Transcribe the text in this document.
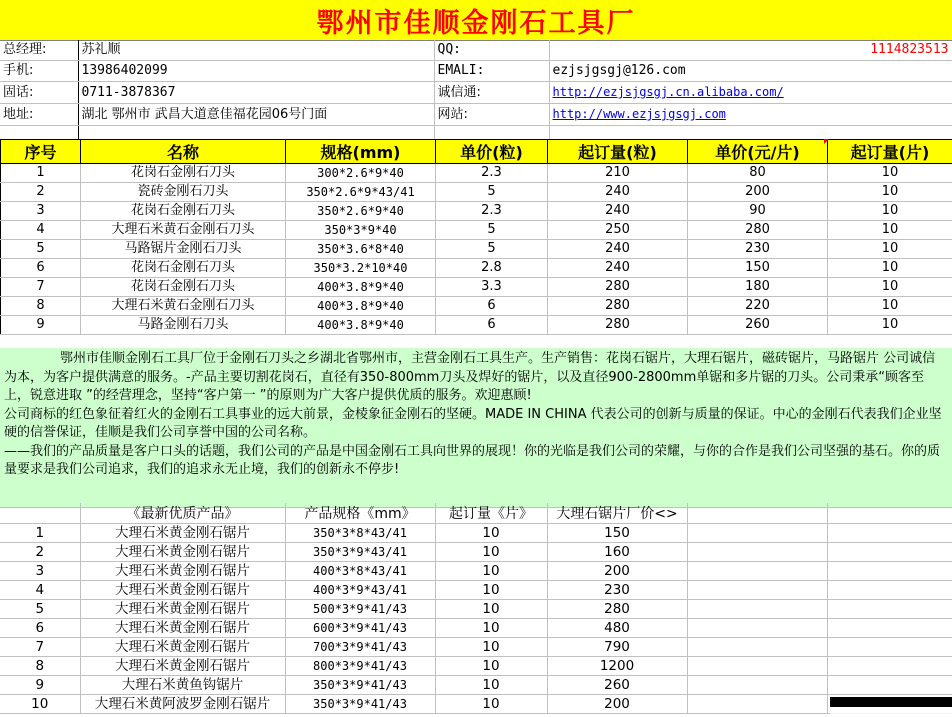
鄂州市佳顺金刚石工具厂
总经理:	苏礼顺	QQ:	1114823513
手机:	13986402099	EMALI:	ezjsjgsgj@126.com
固话:	0711-3878367	诚信通:	http://ezjsjgsgj.cn.alibaba.com/
地址:	湖北 鄂州市 武昌大道意佳福花园06号门面	网站:	http://www.ezjsjgsgj.com

序号	名称	规格(mm)	单价(粒)	起订量(粒)	单价(元/片)	起订量(片)
1	花岗石金刚石刀头	300*2.6*9*40	2.3	210	80	10
2	瓷砖金刚石刀头	350*2.6*9*43/41	5	240	200	10
3	花岗石金刚石刀头	350*2.6*9*40	2.3	240	90	10
4	大理石米黄石金刚石刀头	350*3*9*40	5	250	280	10
5	马路锯片金刚石刀头	350*3.6*8*40	5	240	230	10
6	花岗石金刚石刀头	350*3.2*10*40	2.8	240	150	10
7	花岗石金刚石刀头	400*3.8*9*40	3.3	280	180	10
8	大理石米黄石金刚石刀头	400*3.8*9*40	6	280	220	10
9	马路金刚石刀头	400*3.8*9*40	6	280	260	10

鄂州市佳顺金刚石工具厂位于金刚石刀头之乡湖北省鄂州市，主营金刚石工具生产。生产销售：花岗石锯片，大理石锯片，磁砖锯片，马路锯片 公司诚信为本，为客户提供满意的服务。-产品主要切割花岗石，直径有350-800mm刀头及焊好的锯片，以及直径900-2800mm单锯和多片锯的刀头。公司秉承“顾客至上，锐意进取 ”的经营理念，坚持“客户第一 ”的原则为广大客户提供优质的服务。欢迎惠顾!

公司商标的红色象征着红火的金刚石工具事业的远大前景，金棱象征金刚石的坚硬。MADE IN CHINA 代表公司的创新与质量的保证。中心的金刚石代表我们企业坚硬的信誉保证，佳顺是我们公司享誉中国的公司名称。

——我们的产品质量是客户口头的话题，我们公司的产品是中国金刚石工具向世界的展现！你的光临是我们公司的荣耀，与你的合作是我们公司坚强的基石。你的质量要求是我们公司追求，我们的追求永无止境，我们的创新永不停步!

	《最新优质产品》	产品规格《mm》	起订量《片》	大理石锯片厂价<>		
1	大理石米黄金刚石锯片	350*3*8*43/41	10	150		
2	大理石米黄金刚石锯片	350*3*9*43/41	10	160		
3	大理石米黄金刚石锯片	400*3*8*43/41	10	200		
4	大理石米黄金刚石锯片	400*3*9*43/41	10	230		
5	大理石米黄金刚石锯片	500*3*9*41/43	10	280		
6	大理石米黄金刚石锯片	600*3*9*41/43	10	480		
7	大理石米黄金刚石锯片	700*3*9*41/43	10	790		
8	大理石米黄金刚石锯片	800*3*9*41/43	10	1200		
9	大理石米黄鱼钩锯片	350*3*9*41/43	10	260		
10	大理石米黄阿波罗金刚石锯片	350*3*9*41/43	10	200		
